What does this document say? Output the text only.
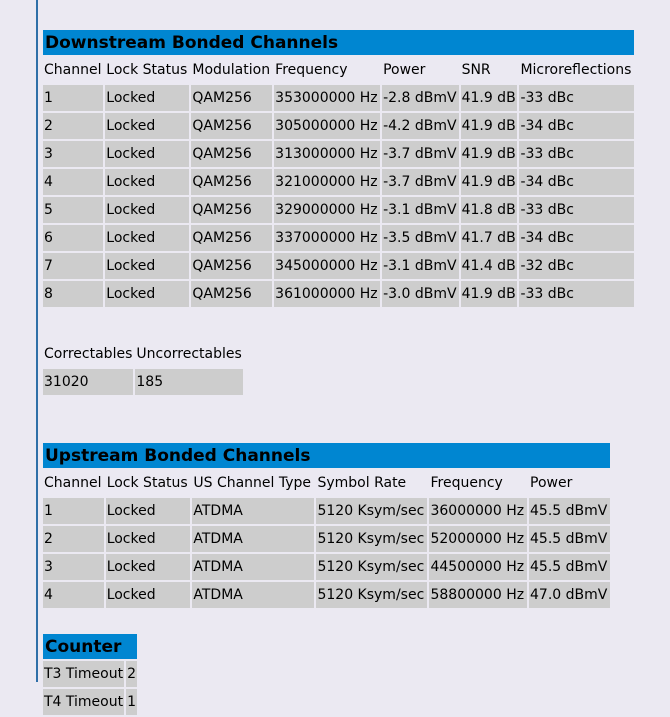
Downstream Bonded Channels						
Channel	Lock Status	Modulation	Frequency	Power	SNR	Microreflections
1	Locked	QAM256	353000000 Hz	-2.8 dBmV	41.9 dB	-33 dBc
2	Locked	QAM256	305000000 Hz	-4.2 dBmV	41.9 dB	-34 dBc
3	Locked	QAM256	313000000 Hz	-3.7 dBmV	41.9 dB	-33 dBc
4	Locked	QAM256	321000000 Hz	-3.7 dBmV	41.9 dB	-34 dBc
5	Locked	QAM256	329000000 Hz	-3.1 dBmV	41.8 dB	-33 dBc
6	Locked	QAM256	337000000 Hz	-3.5 dBmV	41.7 dB	-34 dBc
7	Locked	QAM256	345000000 Hz	-3.1 dBmV	41.4 dB	-32 dBc
8	Locked	QAM256	361000000 Hz	-3.0 dBmV	41.9 dB	-33 dBc
Correctables	Uncorrectables
31020	185
Upstream Bonded Channels					
Channel	Lock Status	US Channel Type	Symbol Rate	Frequency	Power
1	Locked	ATDMA	5120 Ksym/sec	36000000 Hz	45.5 dBmV
2	Locked	ATDMA	5120 Ksym/sec	52000000 Hz	45.5 dBmV
3	Locked	ATDMA	5120 Ksym/sec	44500000 Hz	45.5 dBmV
4	Locked	ATDMA	5120 Ksym/sec	58800000 Hz	47.0 dBmV
Counter	
T3 Timeout	2
T4 Timeout	1
